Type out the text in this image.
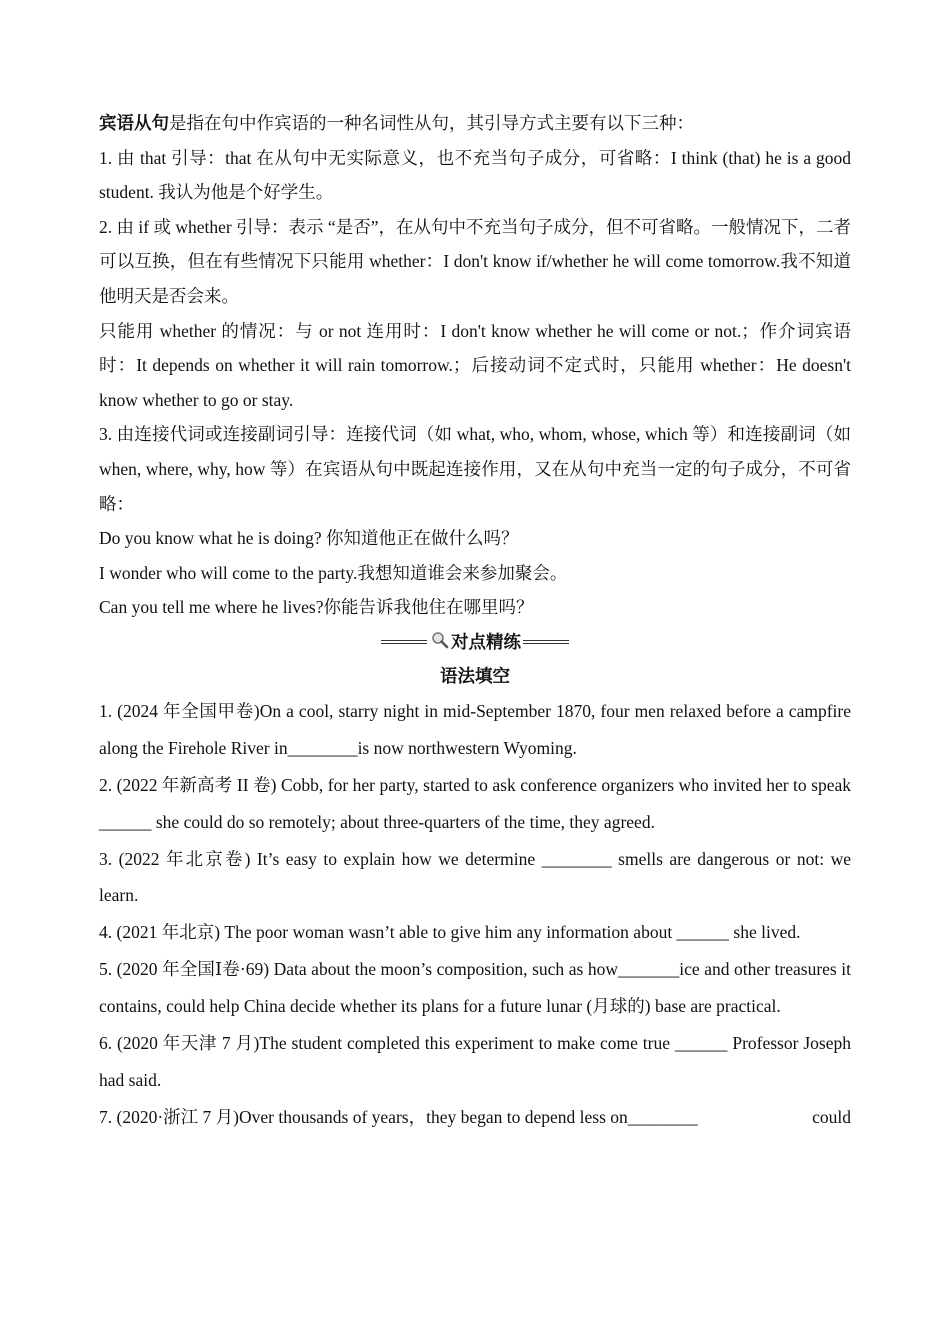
宾语从句是指在句中作宾语的一种名词性从句，其引导方式主要有以下三种：

1. 由 that 引导：that 在从句中无实际意义，也不充当句子成分，可省略：I think (that) he is a good student. 我认为他是个好学生。

2. 由 if 或 whether 引导：表示 “是否”，在从句中不充当句子成分，但不可省略。一般情况下，二者可以互换，但在有些情况下只能用 whether：I don't know if/whether he will come tomorrow.我不知道他明天是否会来。

只能用 whether 的情况：与 or not 连用时：I don't know whether he will come or not.；作介词宾语时：It depends on whether it will rain tomorrow.；后接动词不定式时，只能用 whether：He doesn't know whether to go or stay.

3. 由连接代词或连接副词引导：连接代词（如 what, who, whom, whose, which 等）和连接副词（如 when, where, why, how 等）在宾语从句中既起连接作用，又在从句中充当一定的句子成分，不可省略：

Do you know what he is doing? 你知道他正在做什么吗？

I wonder who will come to the party.我想知道谁会来参加聚会。

Can you tell me where he lives?你能告诉我他住在哪里吗？

对点精练

语法填空

1. (2024 年全国甲卷)On a cool, starry night in mid-September 1870, four men relaxed before a campfire along the Firehole River in________is now northwestern Wyoming.

2. (2022 年新高考 II 卷) Cobb, for her party, started to ask conference organizers who invited her to speak ______ she could do so remotely; about three-quarters of the time, they agreed.

3. (2022 年北京卷) It’s easy to explain how we determine ________ smells are dangerous or not: we learn.

4. (2021 年北京) The poor woman wasn’t able to give him any information about ______ she lived.

5. (2020 年全国Ⅰ卷·69) Data about the moon’s composition, such as how_______ice and other treasures it contains, could help China decide whether its plans for a future lunar (月球的) base are practical.

6. (2020 年天津 7 月)The student completed this experiment to make come true ______ Professor Joseph had said.

7. (2020·浙江 7 月)Over thousands of years，they began to depend less on________	could
